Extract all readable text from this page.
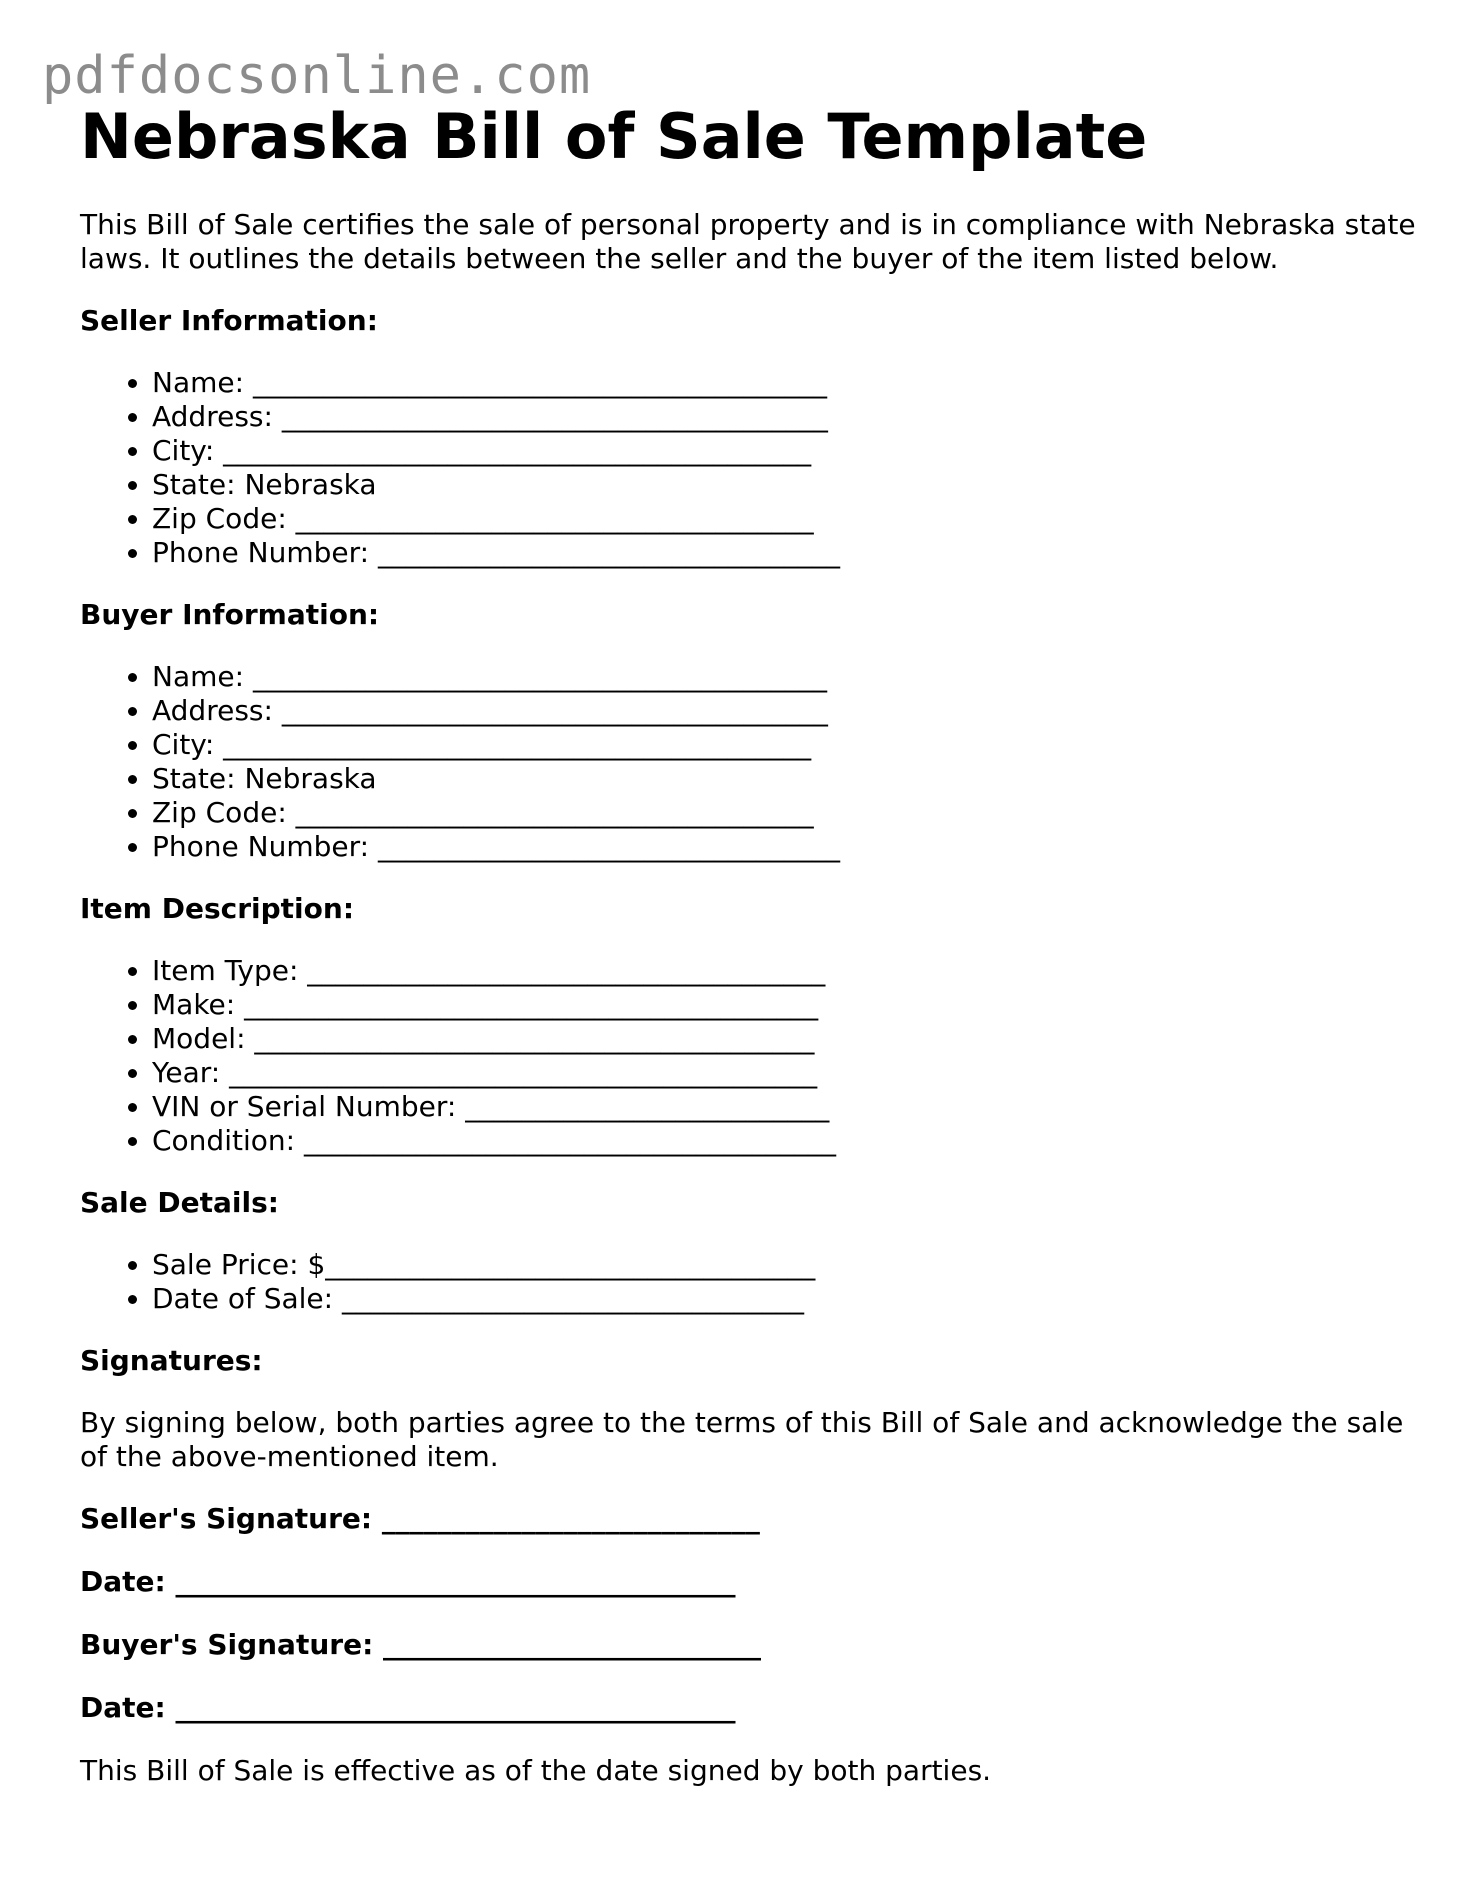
pdfdocsonline.com
Nebraska Bill of Sale Template

This Bill of Sale certifies the sale of personal property and is in compliance with Nebraska state laws. It outlines the details between the seller and the buyer of the item listed below.

Seller Information:

• Name: _________________________________________
• Address: _______________________________________
• City: __________________________________________
• State: Nebraska
• Zip Code: _____________________________________
• Phone Number: _________________________________

Buyer Information:

• Name: _________________________________________
• Address: _______________________________________
• City: __________________________________________
• State: Nebraska
• Zip Code: _____________________________________
• Phone Number: _________________________________

Item Description:

• Item Type: _____________________________________
• Make: _________________________________________
• Model: ________________________________________
• Year: __________________________________________
• VIN or Serial Number: __________________________
• Condition: ______________________________________

Sale Details:

• Sale Price: $___________________________________
• Date of Sale: _________________________________

Signatures:

By signing below, both parties agree to the terms of this Bill of Sale and acknowledge the sale of the above-mentioned item.

Seller's Signature: ___________________________

Date: ________________________________________

Buyer's Signature: ___________________________

Date: ________________________________________

This Bill of Sale is effective as of the date signed by both parties.
